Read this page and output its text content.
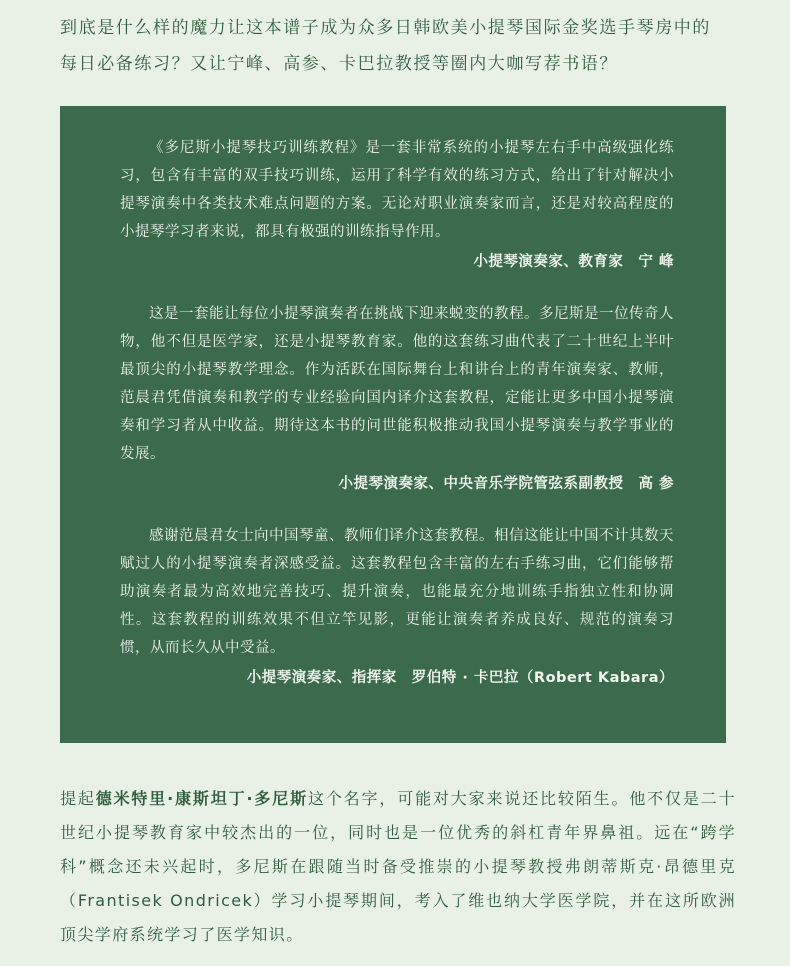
到底是什么样的魔力让这本谱子成为众多日韩欧美小提琴国际金奖选手琴房中的

每日必备练习？又让宁峰、高参、卡巴拉教授等圈内大咖写荐书语？

《多尼斯小提琴技巧训练教程》是一套非常系统的小提琴左右手中高级强化练习，包含有丰富的双手技巧训练，运用了科学有效的练习方式，给出了针对解决小提琴演奏中各类技术难点问题的方案。无论对职业演奏家而言，还是对较高程度的小提琴学习者来说，都具有极强的训练指导作用。

小提琴演奏家、教育家　宁 峰

这是一套能让每位小提琴演奏者在挑战下迎来蜕变的教程。多尼斯是一位传奇人物，他不但是医学家，还是小提琴教育家。他的这套练习曲代表了二十世纪上半叶最顶尖的小提琴教学理念。作为活跃在国际舞台上和讲台上的青年演奏家、教师，范晨君凭借演奏和教学的专业经验向国内译介这套教程，定能让更多中国小提琴演奏和学习者从中收益。期待这本书的问世能积极推动我国小提琴演奏与教学事业的发展。

小提琴演奏家、中央音乐学院管弦系副教授　高 参

感谢范晨君女士向中国琴童、教师们译介这套教程。相信这能让中国不计其数天赋过人的小提琴演奏者深感受益。这套教程包含丰富的左右手练习曲，它们能够帮助演奏者最为高效地完善技巧、提升演奏，也能最充分地训练手指独立性和协调性。这套教程的训练效果不但立竿见影，更能让演奏者养成良好、规范的演奏习惯，从而长久从中受益。

小提琴演奏家、指挥家　罗伯特 · 卡巴拉（Robert Kabara）

提起德米特里·康斯坦丁·多尼斯这个名字，可能对大家来说还比较陌生。他不仅是二十世纪小提琴教育家中较杰出的一位，同时也是一位优秀的斜杠青年界鼻祖。远在“跨学科”概念还未兴起时，多尼斯在跟随当时备受推崇的小提琴教授弗朗蒂斯克·昂德里克（Frantisek Ondricek）学习小提琴期间，考入了维也纳大学医学院，并在这所欧洲顶尖学府系统学习了医学知识。
